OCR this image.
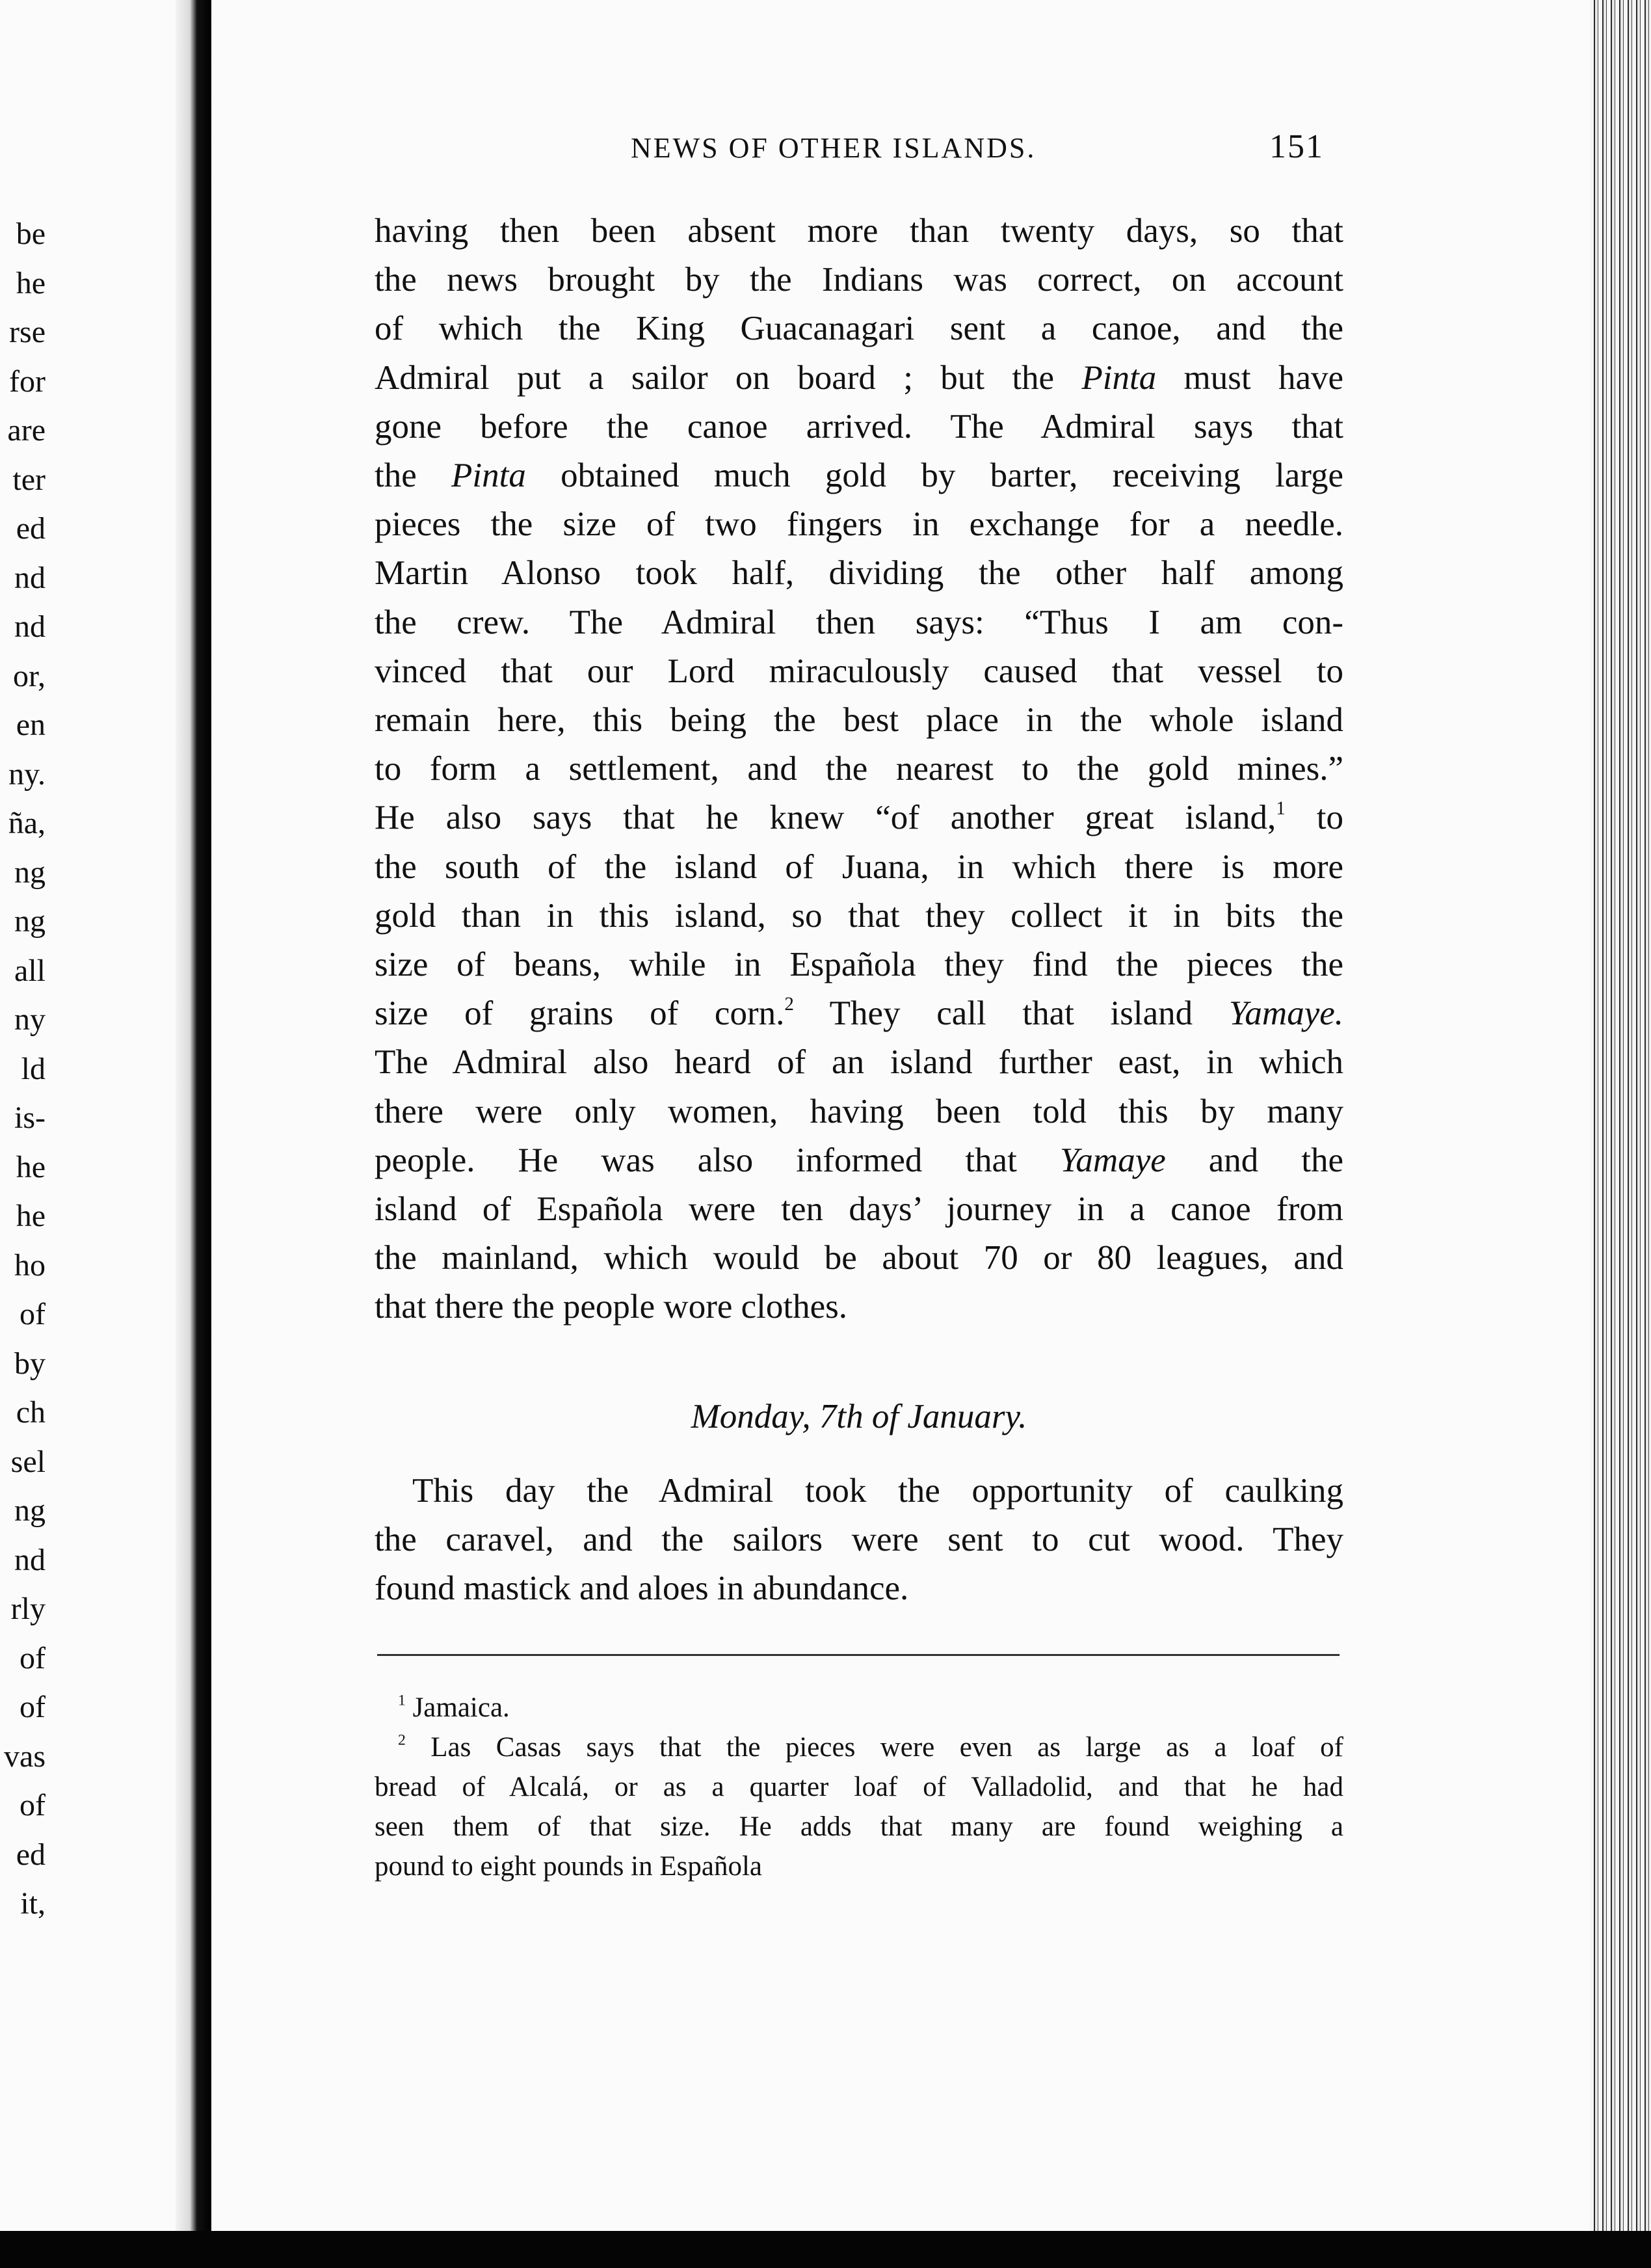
be
he
rse
for
are
ter
ed
nd
nd
or,
en
ny.
ña,
ng
ng
all
ny
ld
is-
he
he
ho
of
by
ch
sel
ng
nd
rly
of
of
vas
of
ed
it,
NEWS OF OTHER ISLANDS.	151
having then been absent more than twenty days, so that
the news brought by the Indians was correct, on account
of which the King Guacanagari sent a canoe, and the
Admiral put a sailor on board ; but the Pinta must have
gone before the canoe arrived. The Admiral says that
the Pinta obtained much gold by barter, receiving large
pieces the size of two fingers in exchange for a needle.
Martin Alonso took half, dividing the other half among
the crew. The Admiral then says: “Thus I am con-
vinced that our Lord miraculously caused that vessel to
remain here, this being the best place in the whole island
to form a settlement, and the nearest to the gold mines.”
He also says that he knew “of another great island,$^1$ to
the south of the island of Juana, in which there is more
gold than in this island, so that they collect it in bits the
size of beans, while in Española they find the pieces the
size of grains of corn.$^2$ They call that island Yamaye.
The Admiral also heard of an island further east, in which
there were only women, having been told this by many
people. He was also informed that Yamaye and the
island of Española were ten days’ journey in a canoe from
the mainland, which would be about 70 or 80 leagues, and
that there the people wore clothes.
Monday, 7th of January.
This day the Admiral took the opportunity of caulking
the caravel, and the sailors were sent to cut wood. They
found mastick and aloes in abundance.
$^1$ Jamaica.
$^2$ Las Casas says that the pieces were even as large as a loaf of
bread of Alcalá, or as a quarter loaf of Valladolid, and that he had
seen them of that size. He adds that many are found weighing a
pound to eight pounds in Española
